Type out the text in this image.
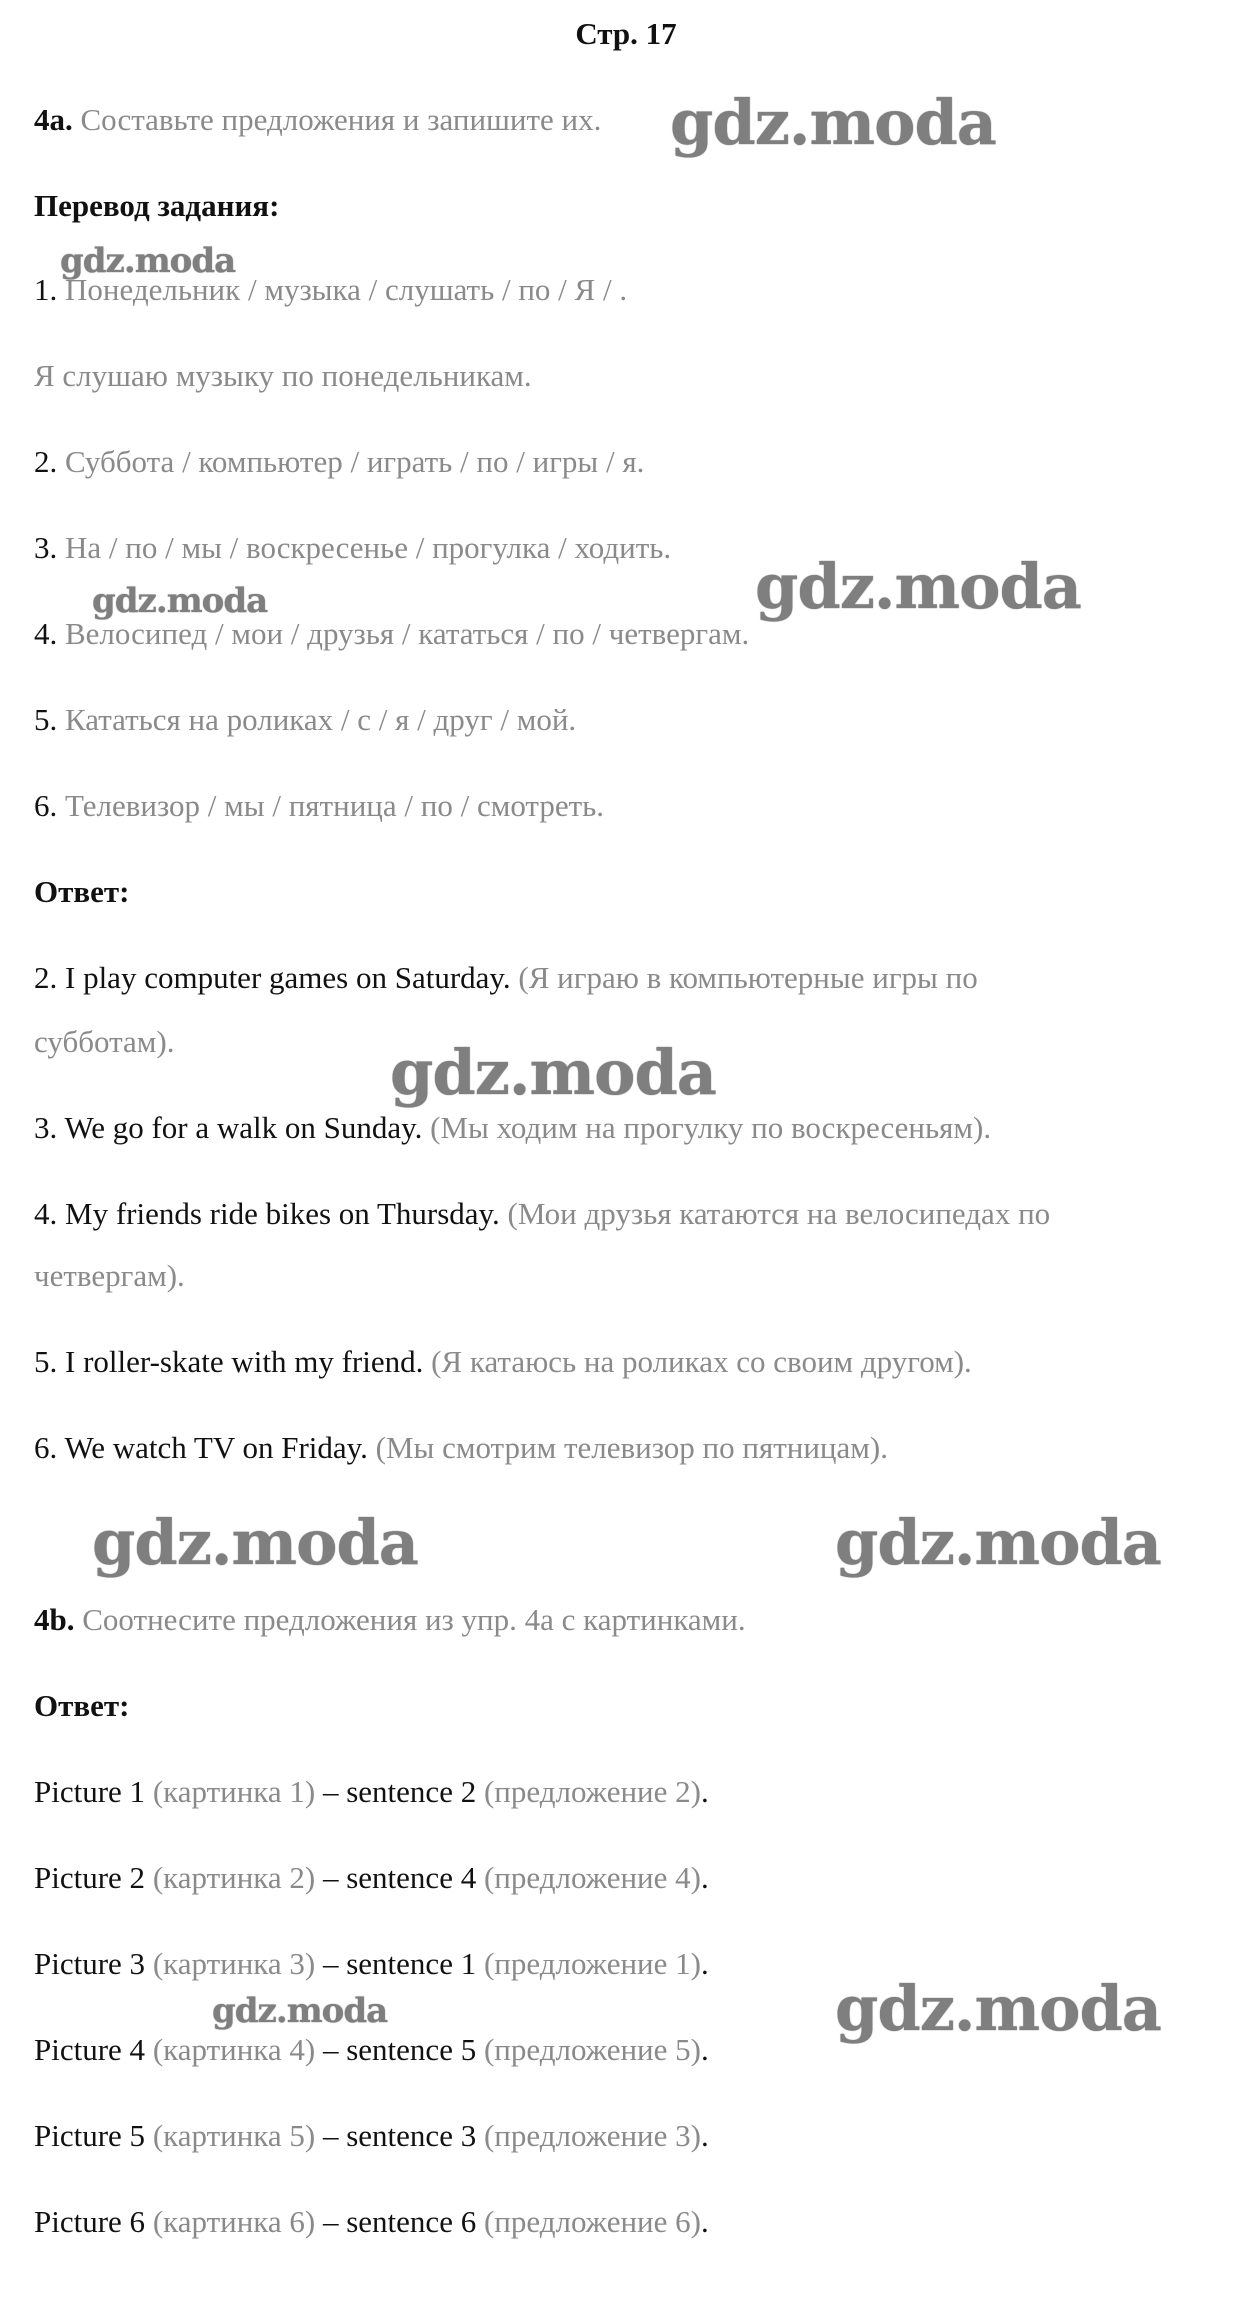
Стр. 17
4a. Составьте предложения и запишите их.
Перевод задания:
1. Понедельник / музыка / слушать / по / Я / .
Я слушаю музыку по понедельникам.
2. Суббота / компьютер / играть / по / игры / я.
3. На / по / мы / воскресенье / прогулка / ходить.
4. Велосипед / мои / друзья / кататься / по / четвергам.
5. Кататься на роликах / с / я / друг / мой.
6. Телевизор / мы / пятница / по / смотреть.
Ответ:
2. I play computer games on Saturday. (Я играю в компьютерные игры по
субботам).
3. We go for a walk on Sunday. (Мы ходим на прогулку по воскресеньям).
4. My friends ride bikes on Thursday. (Мои друзья катаются на велосипедах по
четвергам).
5. I roller-skate with my friend. (Я катаюсь на роликах со своим другом).
6. We watch TV on Friday. (Мы смотрим телевизор по пятницам).
4b. Соотнесите предложения из упр. 4a с картинками.
Ответ:
Picture 1 (картинка 1) – sentence 2 (предложение 2).
Picture 2 (картинка 2) – sentence 4 (предложение 4).
Picture 3 (картинка 3) – sentence 1 (предложение 1).
Picture 4 (картинка 4) – sentence 5 (предложение 5).
Picture 5 (картинка 5) – sentence 3 (предложение 3).
Picture 6 (картинка 6) – sentence 6 (предложение 6).
gdz.moda
gdz.moda
gdz.moda
gdz.moda
gdz.moda
gdz.moda	gdz.moda
gdz.moda	gdz.moda
